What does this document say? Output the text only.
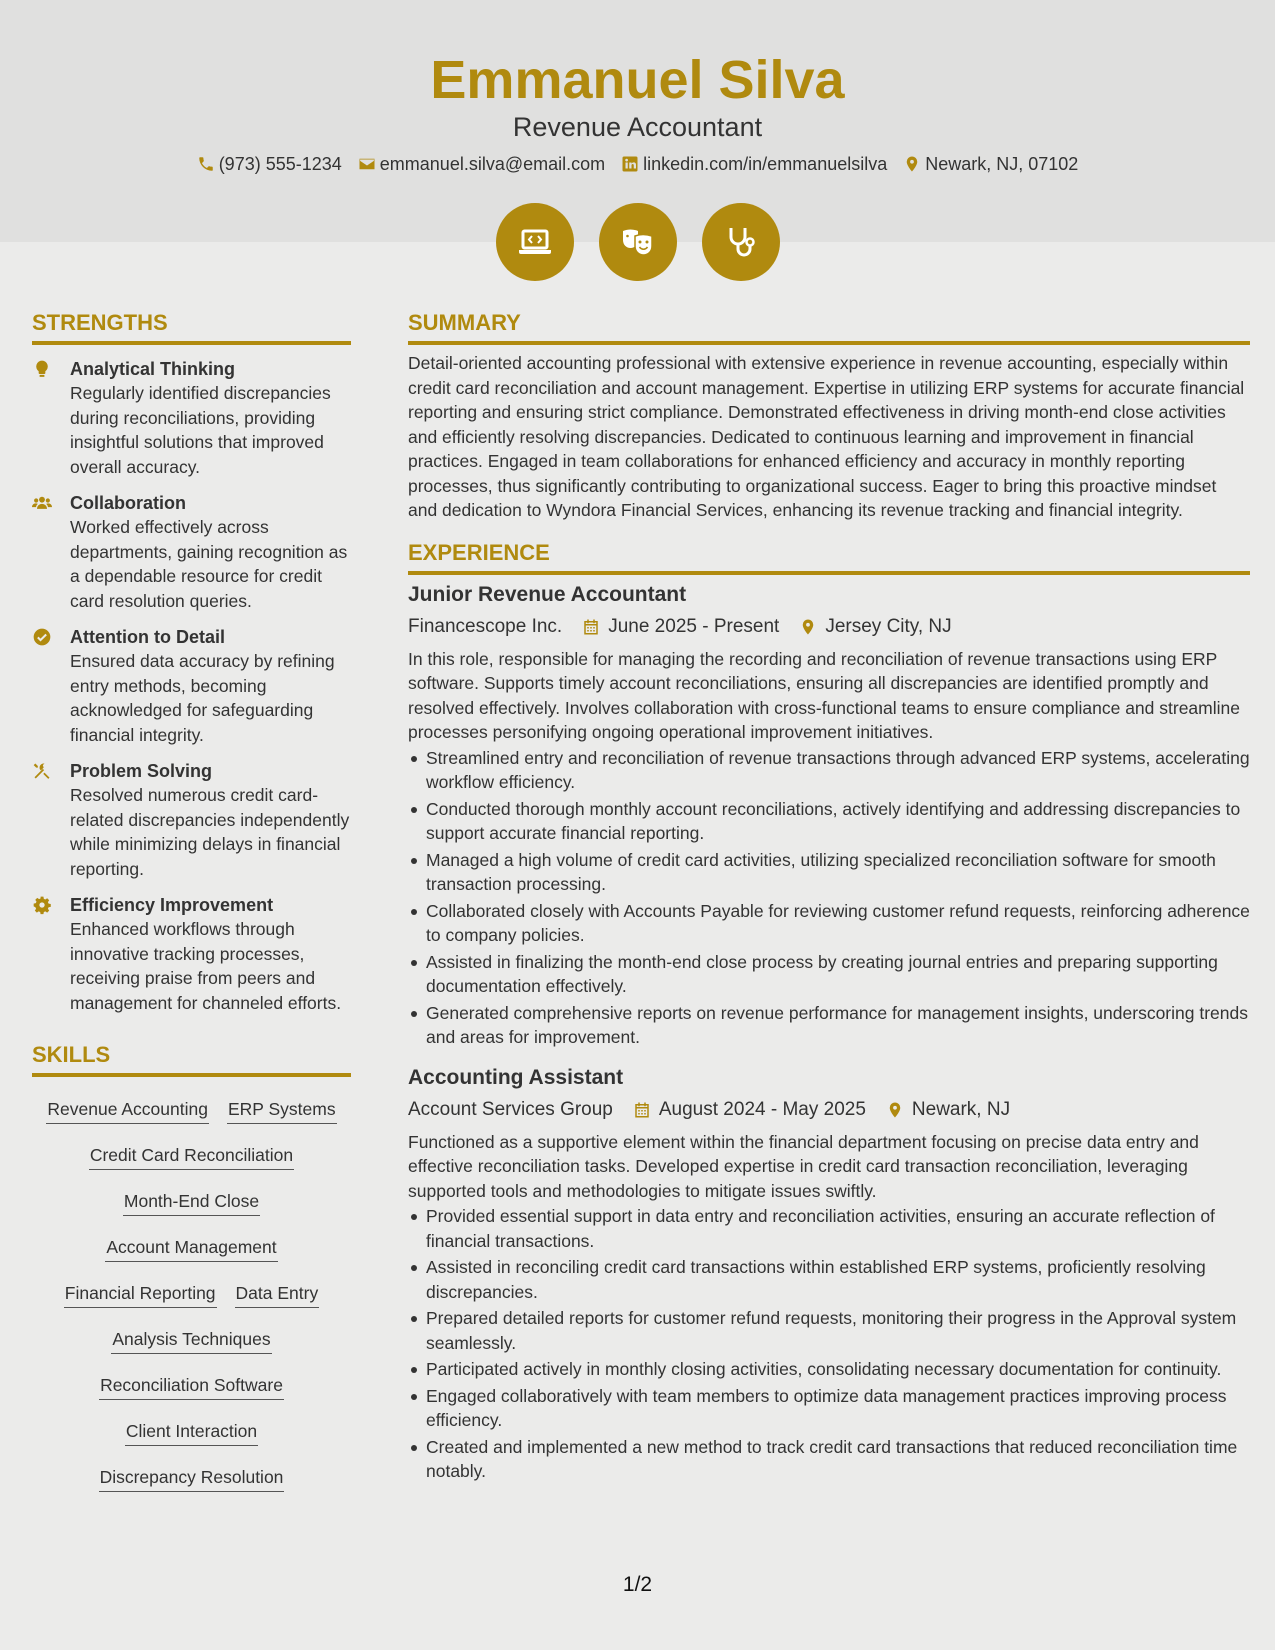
Emmanuel Silva
Revenue Accountant
(973) 555-1234 emmanuel.silva@email.com linkedin.com/in/emmanuelsilva Newark, NJ, 07102
STRENGTHS
Analytical Thinking
Regularly identified discrepancies during reconciliations, providing insightful solutions that improved overall accuracy.
Collaboration
Worked effectively across departments, gaining recognition as a dependable resource for credit card resolution queries.
Attention to Detail
Ensured data accuracy by refining entry methods, becoming acknowledged for safeguarding financial integrity.
Problem Solving
Resolved numerous credit card-related discrepancies independently while minimizing delays in financial reporting.
Efficiency Improvement
Enhanced workflows through innovative tracking processes, receiving praise from peers and management for channeled efforts.
SKILLS
Revenue Accounting ERP Systems
Credit Card Reconciliation
Month-End Close
Account Management
Financial Reporting Data Entry
Analysis Techniques
Reconciliation Software
Client Interaction
Discrepancy Resolution
SUMMARY
Detail-oriented accounting professional with extensive experience in revenue accounting, especially within credit card reconciliation and account management. Expertise in utilizing ERP systems for accurate financial reporting and ensuring strict compliance. Demonstrated effectiveness in driving month-end close activities and efficiently resolving discrepancies. Dedicated to continuous learning and improvement in financial practices. Engaged in team collaborations for enhanced efficiency and accuracy in monthly reporting processes, thus significantly contributing to organizational success. Eager to bring this proactive mindset and dedication to Wyndora Financial Services, enhancing its revenue tracking and financial integrity.
EXPERIENCE
Junior Revenue Accountant
Financescope Inc. June 2025 - Present Jersey City, NJ
In this role, responsible for managing the recording and reconciliation of revenue transactions using ERP software. Supports timely account reconciliations, ensuring all discrepancies are identified promptly and resolved effectively. Involves collaboration with cross-functional teams to ensure compliance and streamline processes personifying ongoing operational improvement initiatives.
Streamlined entry and reconciliation of revenue transactions through advanced ERP systems, accelerating workflow efficiency.
Conducted thorough monthly account reconciliations, actively identifying and addressing discrepancies to support accurate financial reporting.
Managed a high volume of credit card activities, utilizing specialized reconciliation software for smooth transaction processing.
Collaborated closely with Accounts Payable for reviewing customer refund requests, reinforcing adherence to company policies.
Assisted in finalizing the month-end close process by creating journal entries and preparing supporting documentation effectively.
Generated comprehensive reports on revenue performance for management insights, underscoring trends and areas for improvement.
Accounting Assistant
Account Services Group August 2024 - May 2025 Newark, NJ
Functioned as a supportive element within the financial department focusing on precise data entry and effective reconciliation tasks. Developed expertise in credit card transaction reconciliation, leveraging supported tools and methodologies to mitigate issues swiftly.
Provided essential support in data entry and reconciliation activities, ensuring an accurate reflection of financial transactions.
Assisted in reconciling credit card transactions within established ERP systems, proficiently resolving discrepancies.
Prepared detailed reports for customer refund requests, monitoring their progress in the Approval system seamlessly.
Participated actively in monthly closing activities, consolidating necessary documentation for continuity.
Engaged collaboratively with team members to optimize data management practices improving process efficiency.
Created and implemented a new method to track credit card transactions that reduced reconciliation time notably.
1/2
